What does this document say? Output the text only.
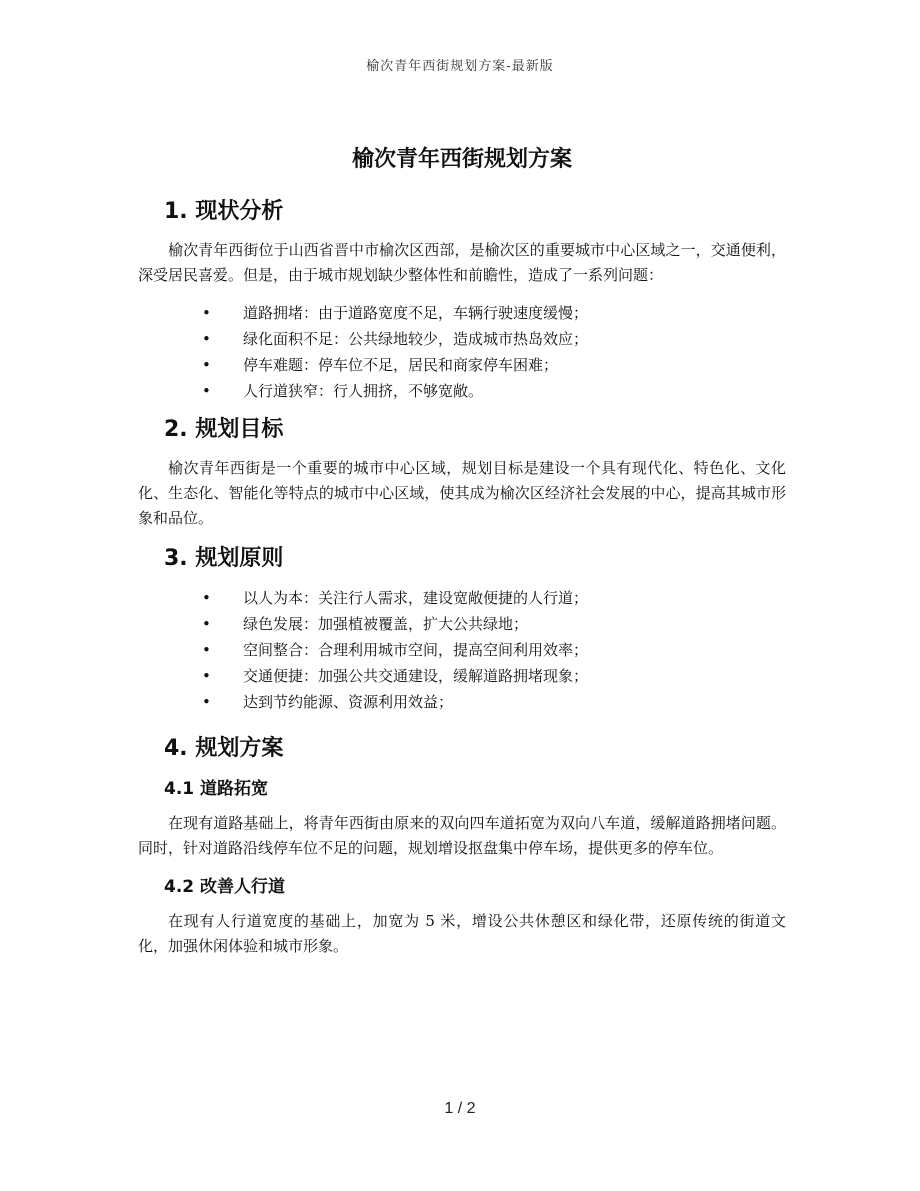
榆次青年西街规划方案-最新版
榆次青年西街规划方案
1. 现状分析

榆次青年西街位于山西省晋中市榆次区西部，是榆次区的重要城市中心区域之一，交通便利，深受居民喜爱。但是，由于城市规划缺少整体性和前瞻性，造成了一系列问题：

• 道路拥堵：由于道路宽度不足，车辆行驶速度缓慢；
• 绿化面积不足：公共绿地较少，造成城市热岛效应；
• 停车难题：停车位不足，居民和商家停车困难；
• 人行道狭窄：行人拥挤，不够宽敞。
2. 规划目标

榆次青年西街是一个重要的城市中心区域，规划目标是建设一个具有现代化、特色化、文化化、生态化、智能化等特点的城市中心区域，使其成为榆次区经济社会发展的中心，提高其城市形象和品位。

3. 规划原则
• 以人为本：关注行人需求，建设宽敞便捷的人行道；
• 绿色发展：加强植被覆盖，扩大公共绿地；
• 空间整合：合理利用城市空间，提高空间利用效率；
• 交通便捷：加强公共交通建设，缓解道路拥堵现象；
• 达到节约能源、资源利用效益；
4. 规划方案
4.1 道路拓宽

在现有道路基础上，将青年西街由原来的双向四车道拓宽为双向八车道，缓解道路拥堵问题。同时，针对道路沿线停车位不足的问题，规划增设抠盘集中停车场，提供更多的停车位。

4.2 改善人行道

在现有人行道宽度的基础上，加宽为 5 米，增设公共休憩区和绿化带，还原传统的街道文化，加强休闲体验和城市形象。

1 / 2
